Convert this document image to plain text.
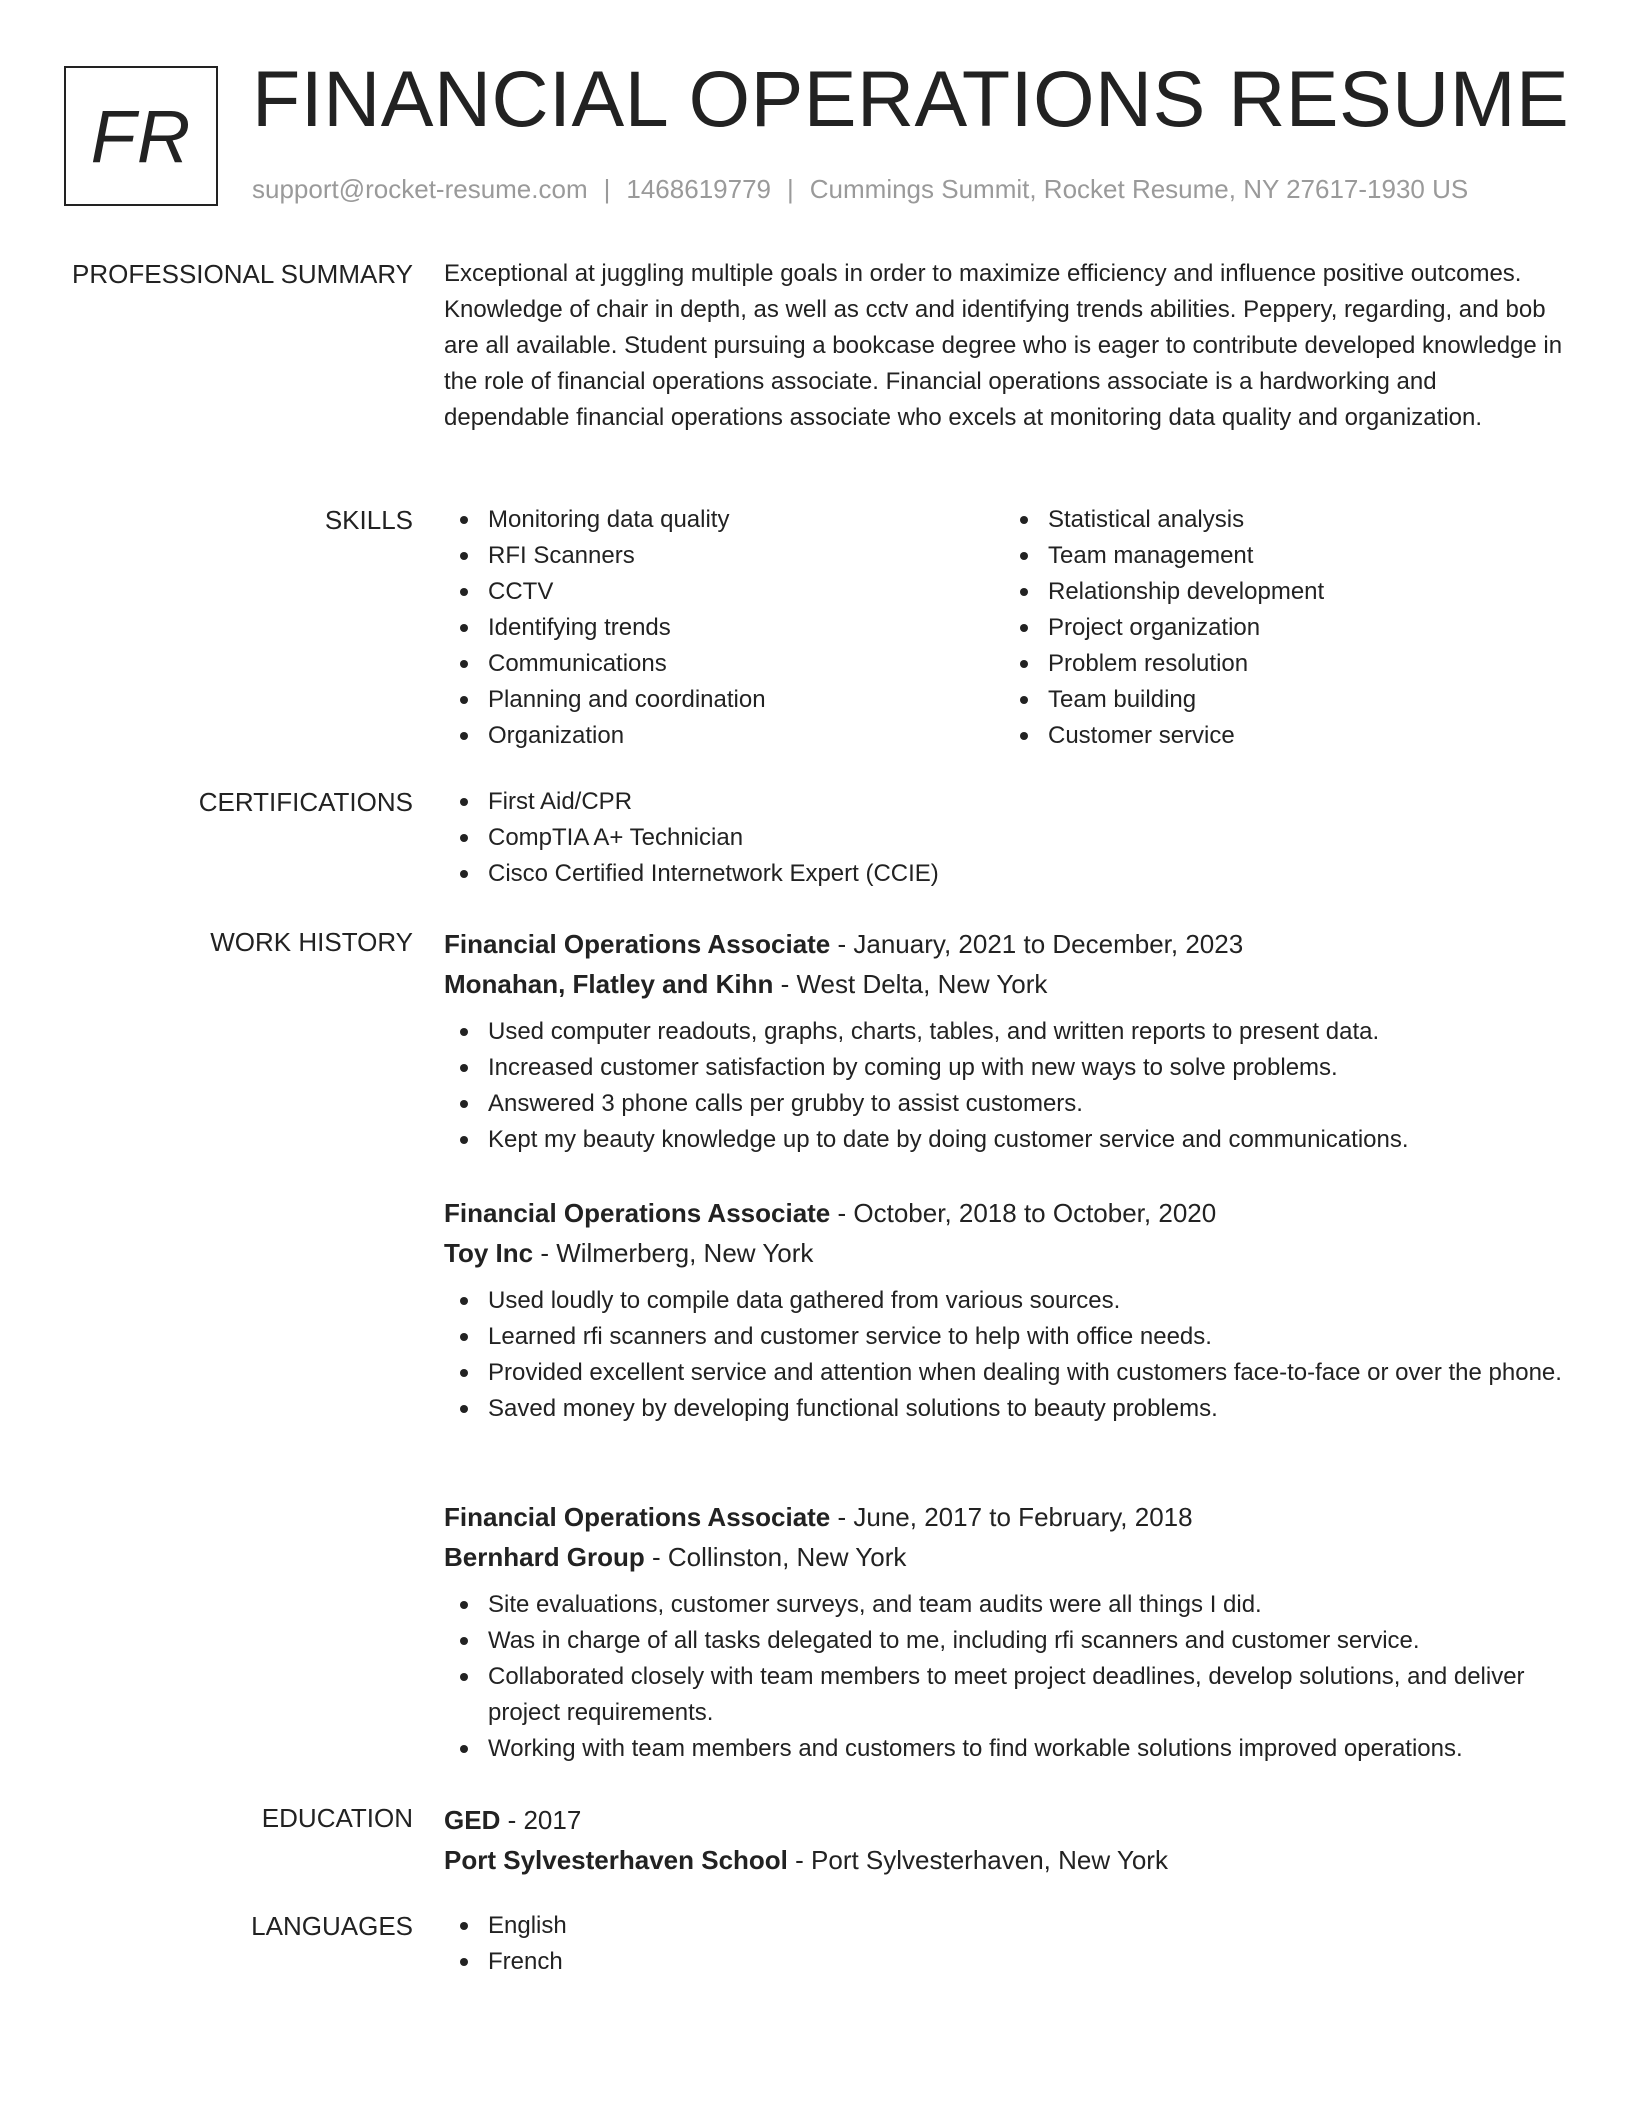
FR FINANCIAL OPERATIONS RESUME
support@rocket-resume.com | 1468619779 | Cummings Summit, Rocket Resume, NY 27617-1930 US
PROFESSIONAL SUMMARY Exceptional at juggling multiple goals in order to maximize efficiency and influence positive outcomes. Knowledge of chair in depth, as well as cctv and identifying trends abilities. Peppery, regarding, and bob are all available. Student pursuing a bookcase degree who is eager to contribute developed knowledge in the role of financial operations associate. Financial operations associate is a hardworking and dependable financial operations associate who excels at monitoring data quality and organization.

SKILLS	Monitoring data quality
RFI Scanners
CCTV
Identifying trends
Communications
Planning and coordination
Organization
Statistical analysis
Team management
Relationship development
Project organization
Problem resolution
Team building
Customer service
CERTIFICATIONS	First Aid/CPR
CompTIA A+ Technician
Cisco Certified Internetwork Expert (CCIE)
WORK HISTORY Financial Operations Associate - January, 2021 to December, 2023

Monahan, Flatley and Kihn - West Delta, New York

Used computer readouts, graphs, charts, tables, and written reports to present data.
Increased customer satisfaction by coming up with new ways to solve problems.
Answered 3 phone calls per grubby to assist customers.
Kept my beauty knowledge up to date by doing customer service and communications.

Financial Operations Associate - October, 2018 to October, 2020

Toy Inc - Wilmerberg, New York

Used loudly to compile data gathered from various sources.
Learned rfi scanners and customer service to help with office needs.
Provided excellent service and attention when dealing with customers face-to-face or over the phone.
Saved money by developing functional solutions to beauty problems.

Financial Operations Associate - June, 2017 to February, 2018

Bernhard Group - Collinston, New York

Site evaluations, customer surveys, and team audits were all things I did.
Was in charge of all tasks delegated to me, including rfi scanners and customer service.
Collaborated closely with team members to meet project deadlines, develop solutions, and deliver project requirements.
Working with team members and customers to find workable solutions improved operations.
EDUCATION GED - 2017

Port Sylvesterhaven School - Port Sylvesterhaven, New York

LANGUAGES	English
French
